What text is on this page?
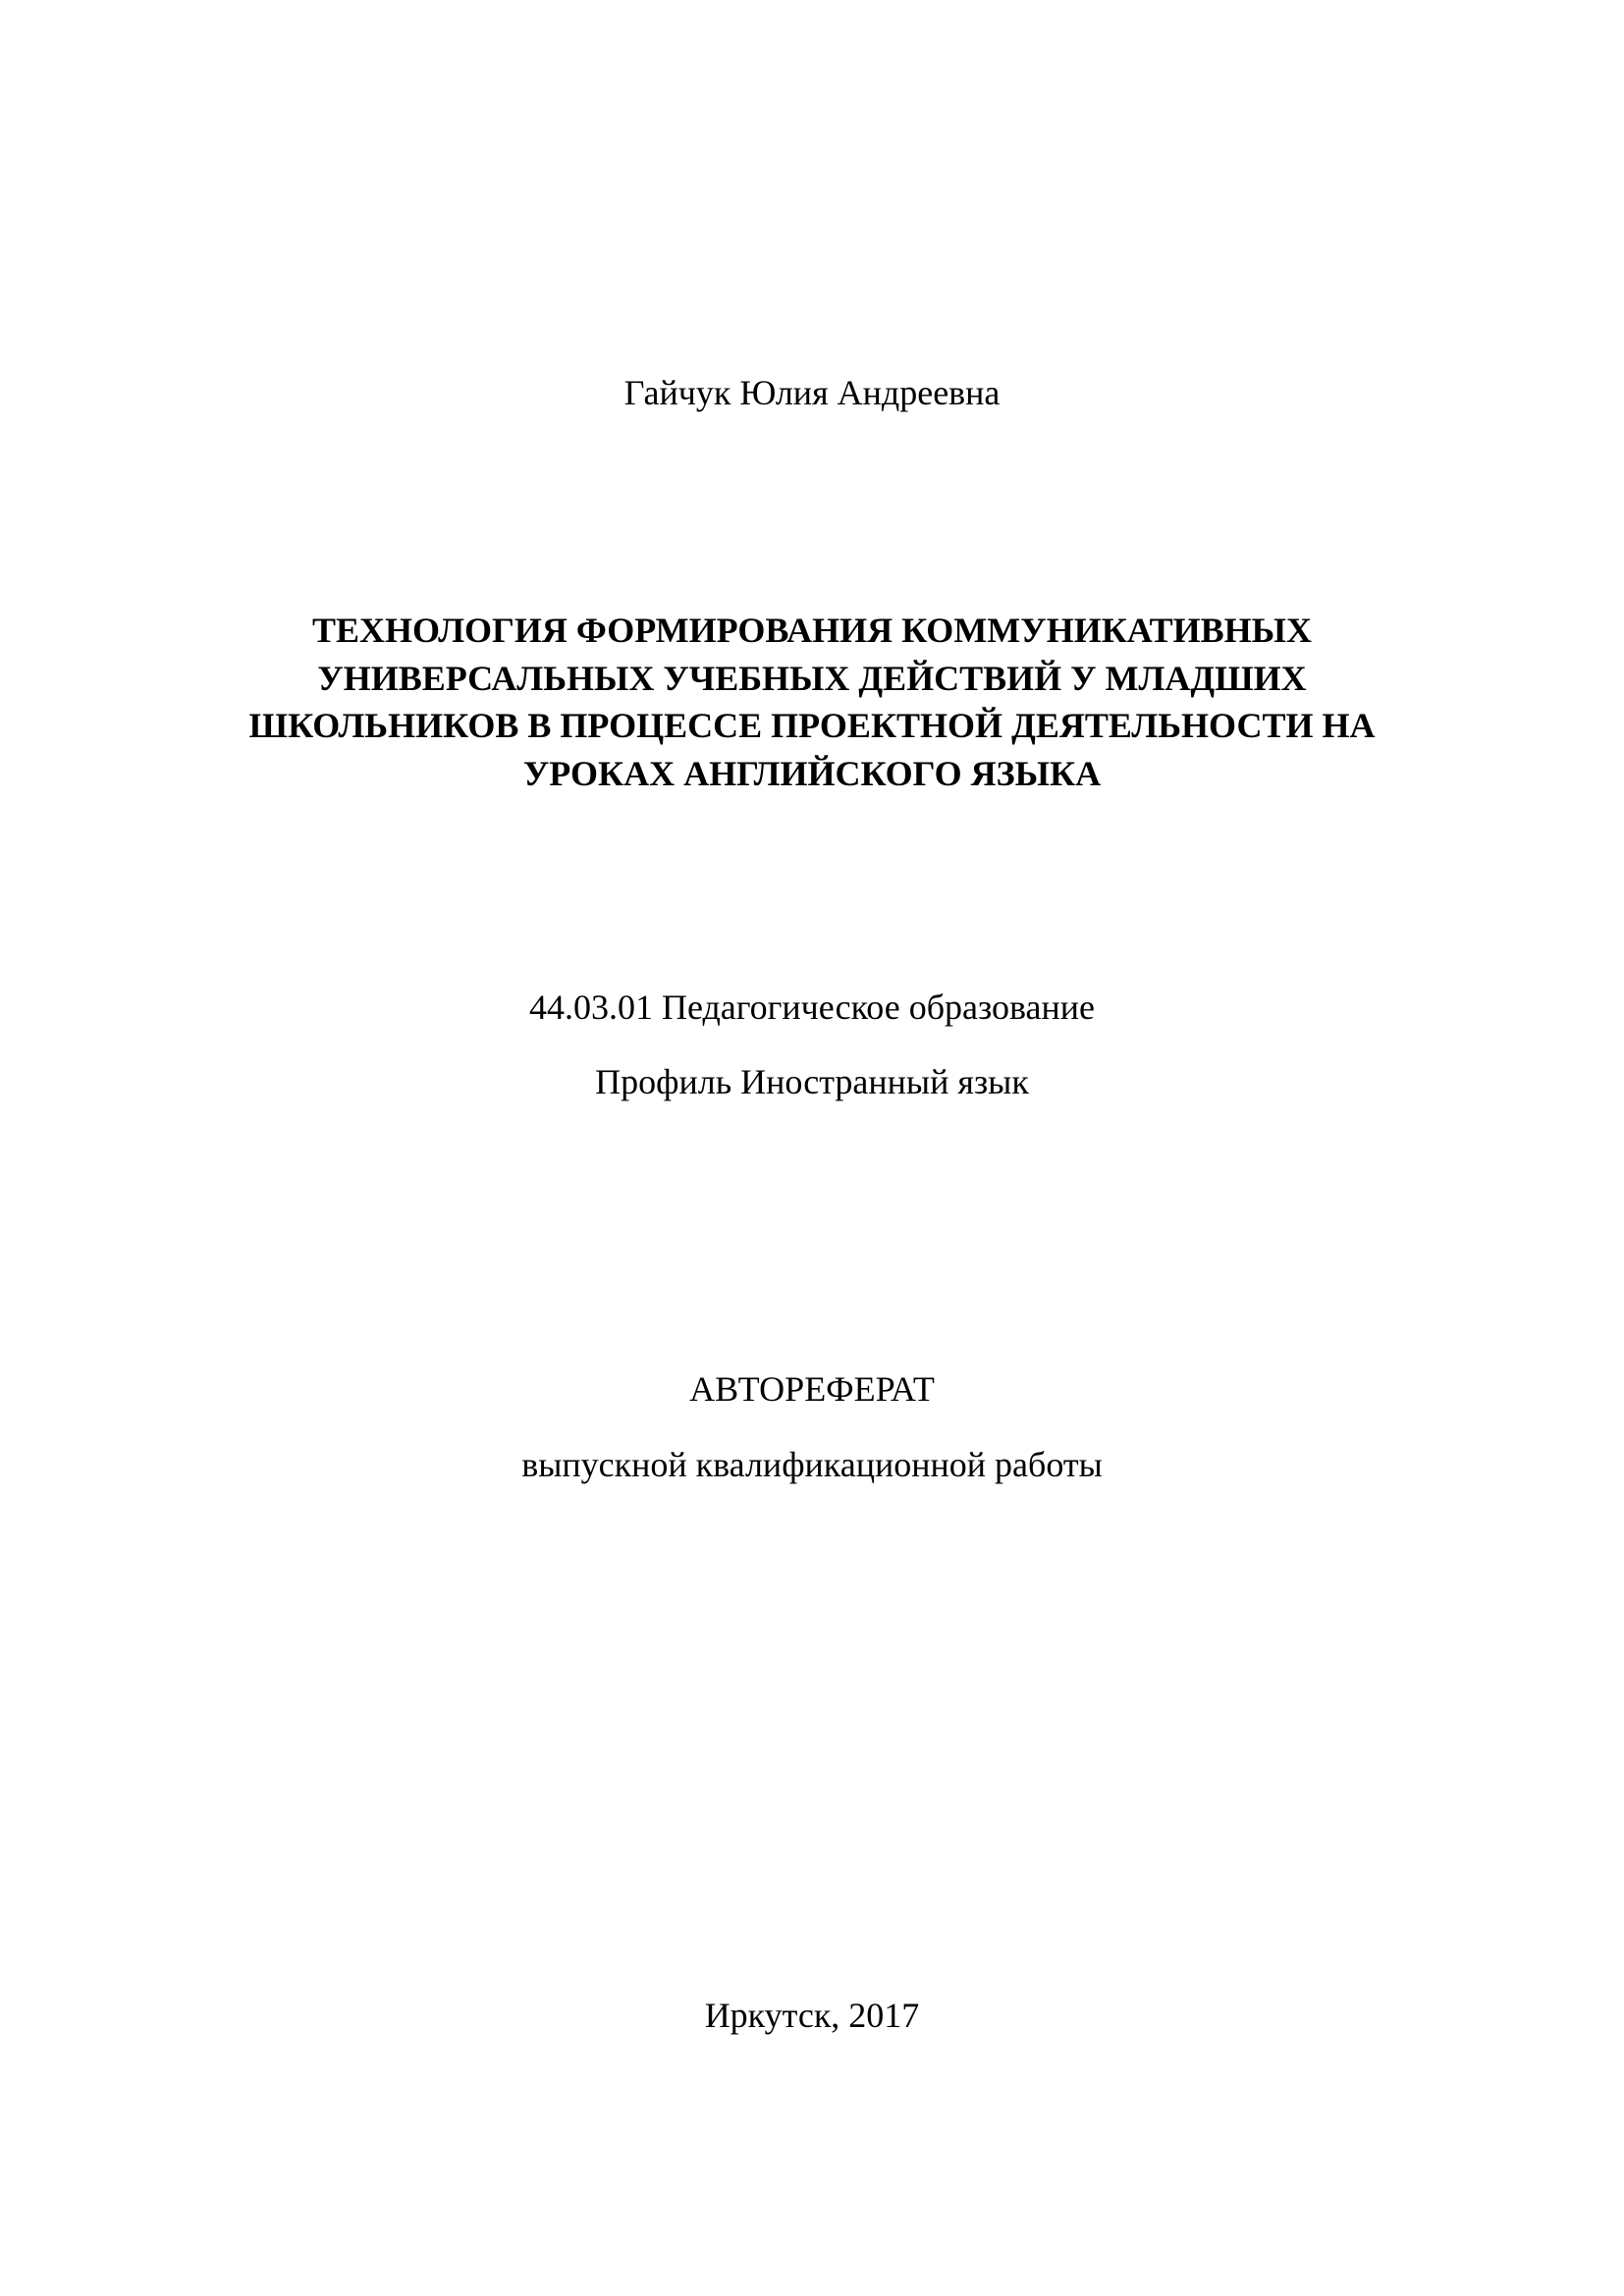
Гайчук Юлия Андреевна

ТЕХНОЛОГИЯ ФОРМИРОВАНИЯ КОММУНИКАТИВНЫХ
УНИВЕРСАЛЬНЫХ УЧЕБНЫХ ДЕЙСТВИЙ У МЛАДШИХ
ШКОЛЬНИКОВ В ПРОЦЕССЕ ПРОЕКТНОЙ ДЕЯТЕЛЬНОСТИ НА
УРОКАХ АНГЛИЙСКОГО ЯЗЫКА

44.03.01 Педагогическое образование

Профиль Иностранный язык

АВТОРЕФЕРАТ

выпускной квалификационной работы

Иркутск, 2017
